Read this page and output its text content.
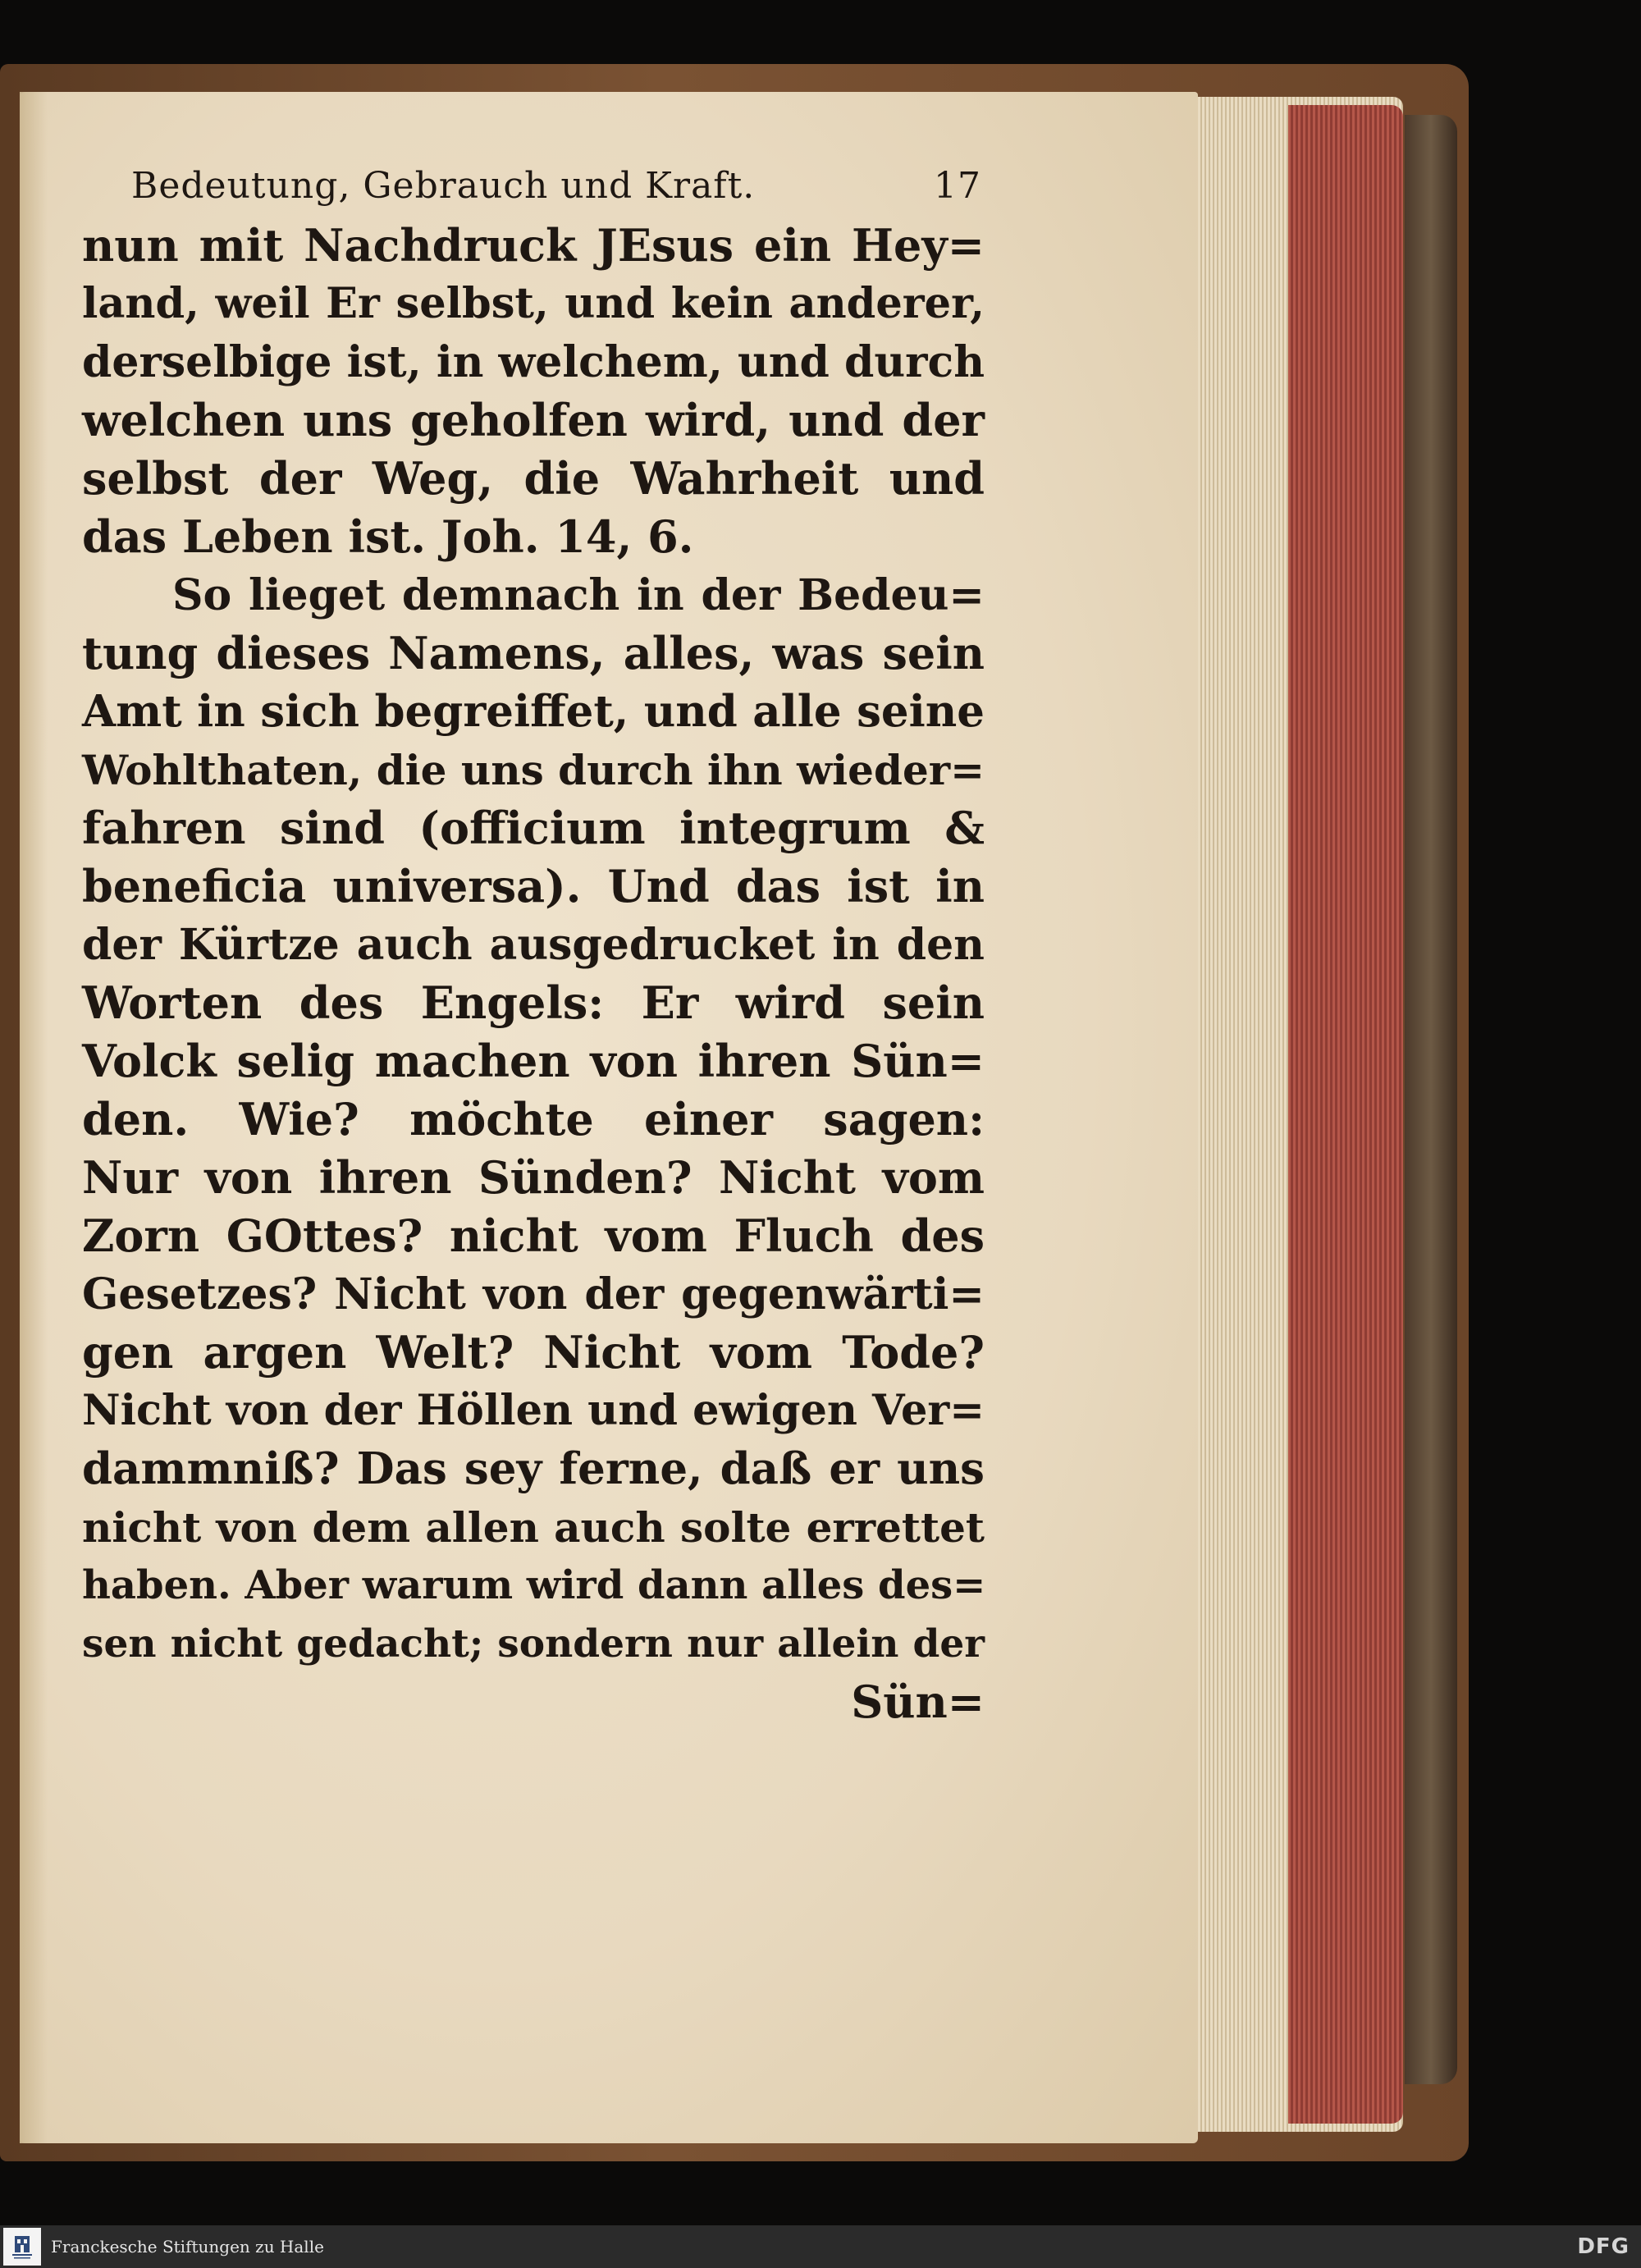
Bedeutung, Gebrauch und Kraft.	17
nun mit Nachdruck JEsus ein Hey=
land, weil Er selbst, und kein anderer,
derselbige ist, in welchem, und durch
welchen uns geholfen wird, und der
selbst der Weg, die Wahrheit und
das Leben ist. Joh. 14, 6.
So lieget demnach in der Bedeu=
tung dieses Namens, alles, was sein
Amt in sich begreiffet, und alle seine
Wohlthaten, die uns durch ihn wieder=
fahren sind (officium integrum &
beneficia universa). Und das ist in
der Kürtze auch ausgedrucket in den
Worten des Engels: Er wird sein
Volck selig machen von ihren Sün=
den. Wie? möchte einer sagen:
Nur von ihren Sünden? Nicht vom
Zorn GOttes? nicht vom Fluch des
Gesetzes? Nicht von der gegenwärti=
gen argen Welt? Nicht vom Tode?
Nicht von der Höllen und ewigen Ver=
dammniß? Das sey ferne, daß er uns
nicht von dem allen auch solte errettet
haben. Aber warum wird dann alles des=
sen nicht gedacht; sondern nur allein der
Sün=
Franckesche Stiftungen zu Halle	DFG
